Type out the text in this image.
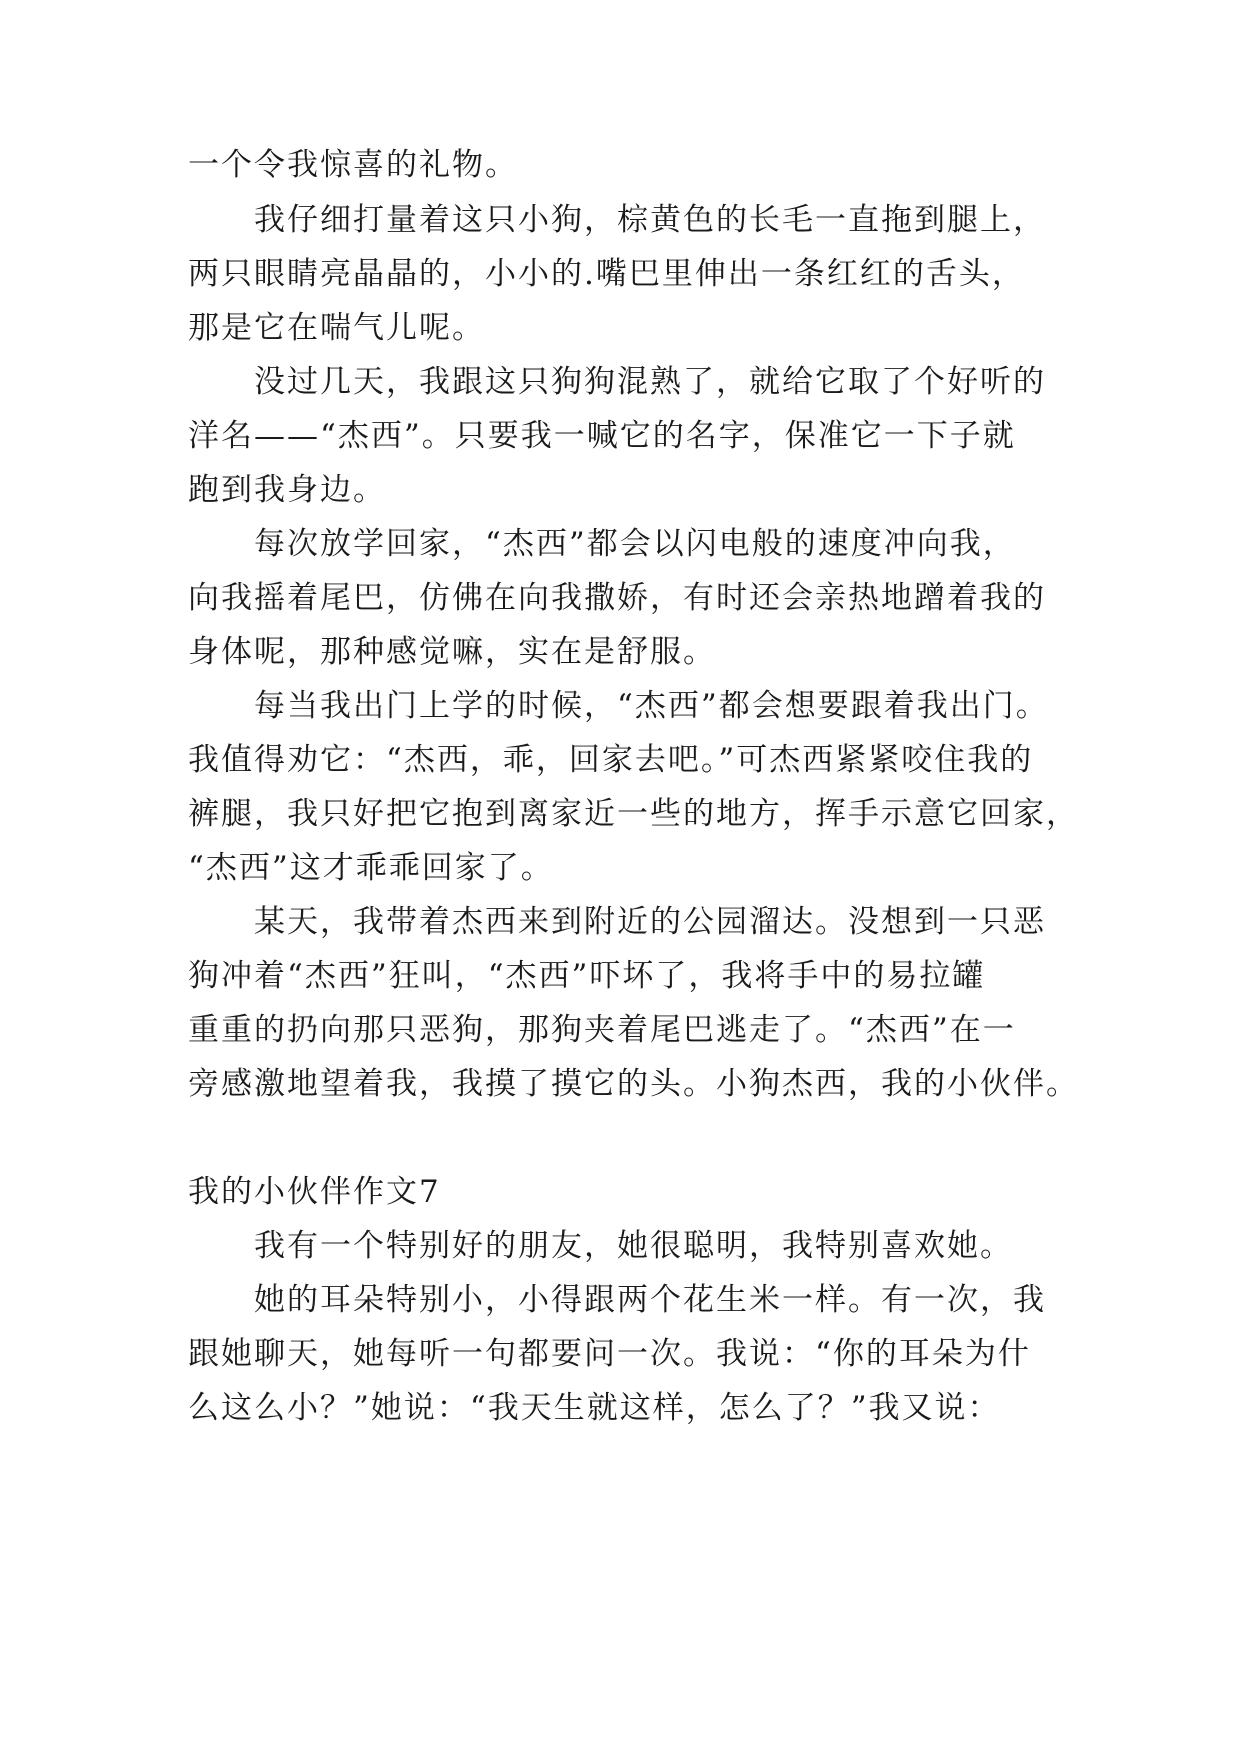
一个令我惊喜的礼物。
我仔细打量着这只小狗，棕黄色的长毛一直拖到腿上，
两只眼睛亮晶晶的，小小的.嘴巴里伸出一条红红的舌头，
那是它在喘气儿呢。
没过几天，我跟这只狗狗混熟了，就给它取了个好听的
洋名——“杰西”。只要我一喊它的名字，保准它一下子就
跑到我身边。
每次放学回家，“杰西”都会以闪电般的速度冲向我，
向我摇着尾巴，仿佛在向我撒娇，有时还会亲热地蹭着我的
身体呢，那种感觉嘛，实在是舒服。
每当我出门上学的时候，“杰西”都会想要跟着我出门。
我值得劝它：“杰西，乖，回家去吧。”可杰西紧紧咬住我的
裤腿，我只好把它抱到离家近一些的地方，挥手示意它回家，
“杰西”这才乖乖回家了。
某天，我带着杰西来到附近的公园溜达。没想到一只恶
狗冲着“杰西”狂叫，“杰西”吓坏了，我将手中的易拉罐
重重的扔向那只恶狗，那狗夹着尾巴逃走了。“杰西”在一
旁感激地望着我，我摸了摸它的头。小狗杰西，我的小伙伴。
我的小伙伴作文7
我有一个特别好的朋友，她很聪明，我特别喜欢她。
她的耳朵特别小，小得跟两个花生米一样。有一次，我
跟她聊天，她每听一句都要问一次。我说：“你的耳朵为什
么这么小？”她说：“我天生就这样，怎么了？”我又说：
